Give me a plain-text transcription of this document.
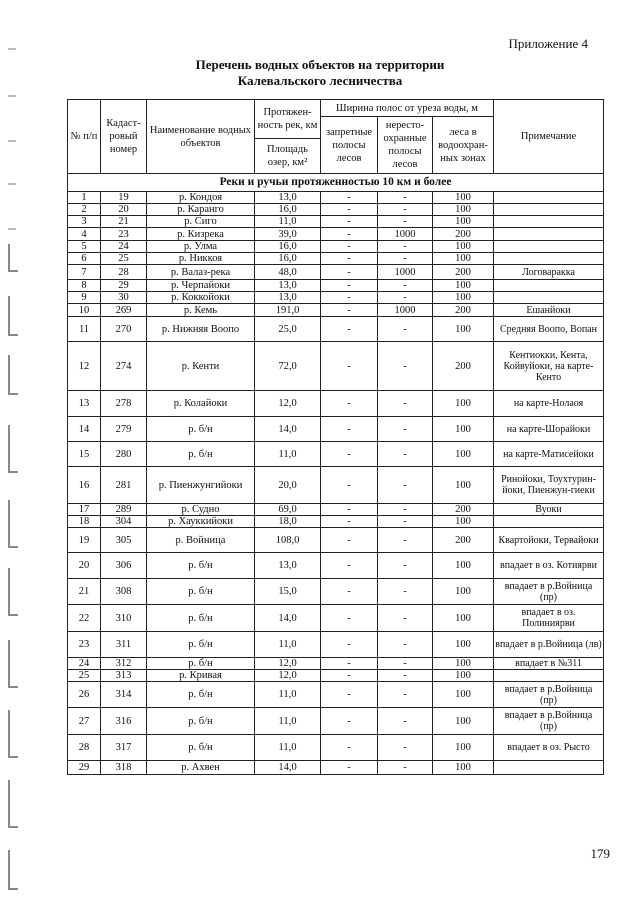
Приложение 4
Перечень водных объектов на территории
Калевальского лесничества
№ п/п	Кадаст-ровый номер	Наименование водных объектов	Протяжен-ность рек, км	Ширина полос от уреза воды, м			Примечание
				запретные полосы лесов	нересто-охранные полосы лесов	леса в водоохран-ных зонах	
			Площадь озер, км²				
Реки и ручьи протяженностью 10 км и более							
1	19	р. Кондоя	13,0	-	-	100	
2	20	р. Каранго	16,0	-	-	100	
3	21	р. Сиго	11,0	-	-	100	
4	23	р. Кизрека	39,0	-	1000	200	
5	24	р. Улма	16,0	-	-	100	
6	25	р. Никкоя	16,0	-	-	100	
7	28	р. Валаз-река	48,0	-	1000	200	Логоваракка
8	29	р. Черпайоки	13,0	-	-	100	
9	30	р. Коккойоки	13,0	-	-	100	
10	269	р. Кемь	191,0	-	1000	200	Ешанйоки
11	270	р. Нижняя Воопо	25,0	-	-	100	Средняя Воопо, Вопан
12	274	р. Кенти	72,0	-	-	200	Кентиокки, Кента, Койвуйоки, на карте-Кенто
13	278	р. Колайоки	12,0	-	-	100	на карте-Нолаоя
14	279	р. б/н	14,0	-	-	100	на карте-Шорайоки
15	280	р. б/н	11,0	-	-	100	на карте-Матисейоки
16	281	р. Пиенжунгийоки	20,0	-	-	100	Ринойоки, Тоухтурин-йоки, Пиенжун-гиеки
17	289	р. Судно	69,0	-	-	200	Вуоки
18	304	р. Хауккийоки	18,0	-	-	100	
19	305	р. Войница	108,0	-	-	200	Квартойоки, Тервайоки
20	306	р. б/н	13,0	-	-	100	впадает в оз. Котиярви
21	308	р. б/н	15,0	-	-	100	впадает в р.Войница (пр)
22	310	р. б/н	14,0	-	-	100	впадает в оз. Полиниярви
23	311	р. б/н	11,0	-	-	100	впадает в р.Войница (лв)
24	312	р. б/н	12,0	-	-	100	впадает в №311
25	313	р. Кривая	12,0	-	-	100	
26	314	р. б/н	11,0	-	-	100	впадает в р.Войница (пр)
27	316	р. б/н	11,0	-	-	100	впадает в р.Войница (пр)
28	317	р. б/н	11,0	-	-	100	впадает в оз. Рысто
29	318	р. Ахвен	14,0	-	-	100	
179
